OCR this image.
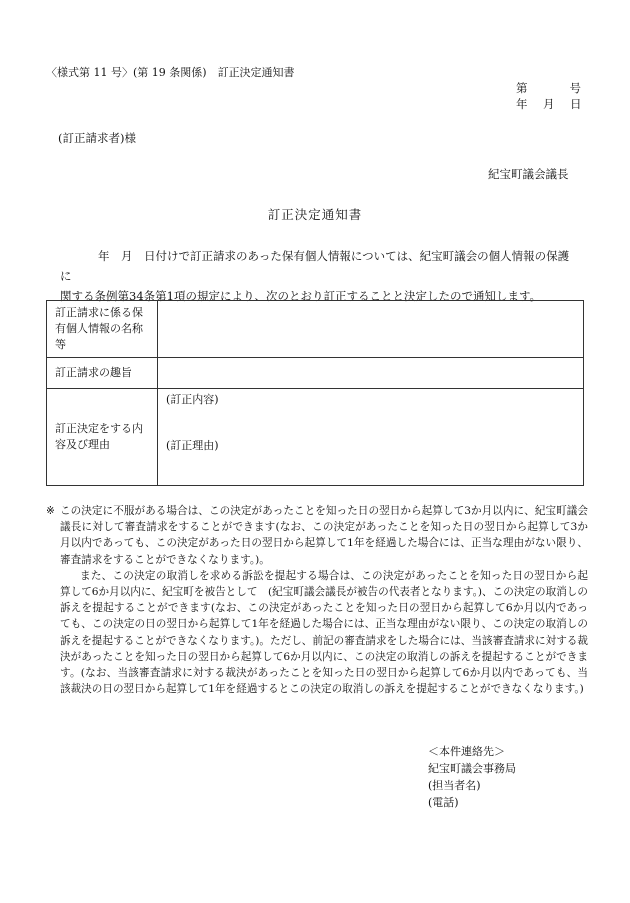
〈様式第 11 号〉(第 19 条関係)　訂正決定通知書
第	号
年　月　日
(訂正請求者)様
紀宝町議会議長
訂正決定通知書

年　月　日付けで訂正請求のあった保有個人情報については、紀宝町議会の個人情報の保護に

関する条例第34条第1項の規定により、次のとおり訂正することと決定したので通知します。

訂正請求に係る保有個人情報の名称等	
訂正請求の趣旨	
訂正決定をする内容及び理由	(訂正内容)
(訂正理由)
※ この決定に不服がある場合は、この決定があったことを知った日の翌日から起算して3か月以内に、紀宝町議会議長に対して審査請求をすることができます(なお、この決定があったことを知った日の翌日から起算して3か月以内であっても、この決定があった日の翌日から起算して1年を経過した場合には、正当な理由がない限り、審査請求をすることができなくなります。)。

また、この決定の取消しを求める訴訟を提起する場合は、この決定があったことを知った日の翌日から起算して6か月以内に、紀宝町を被告として　(紀宝町議会議長が被告の代表者となります。)、この決定の取消しの訴えを提起することができます(なお、この決定があったことを知った日の翌日から起算して6か月以内であっても、この決定の日の翌日から起算して1年を経過した場合には、正当な理由がない限り、この決定の取消しの訴えを提起することができなくなります。)。ただし、前記の審査請求をした場合には、当該審査請求に対する裁決があったことを知った日の翌日から起算して6か月以内に、この決定の取消しの訴えを提起することができます。(なお、当該審査請求に対する裁決があったことを知った日の翌日から起算して6か月以内であっても、当該裁決の日の翌日から起算して1年を経過するとこの決定の取消しの訴えを提起することができなくなります。)

＜本件連絡先＞
紀宝町議会事務局
(担当者名)
(電話)
